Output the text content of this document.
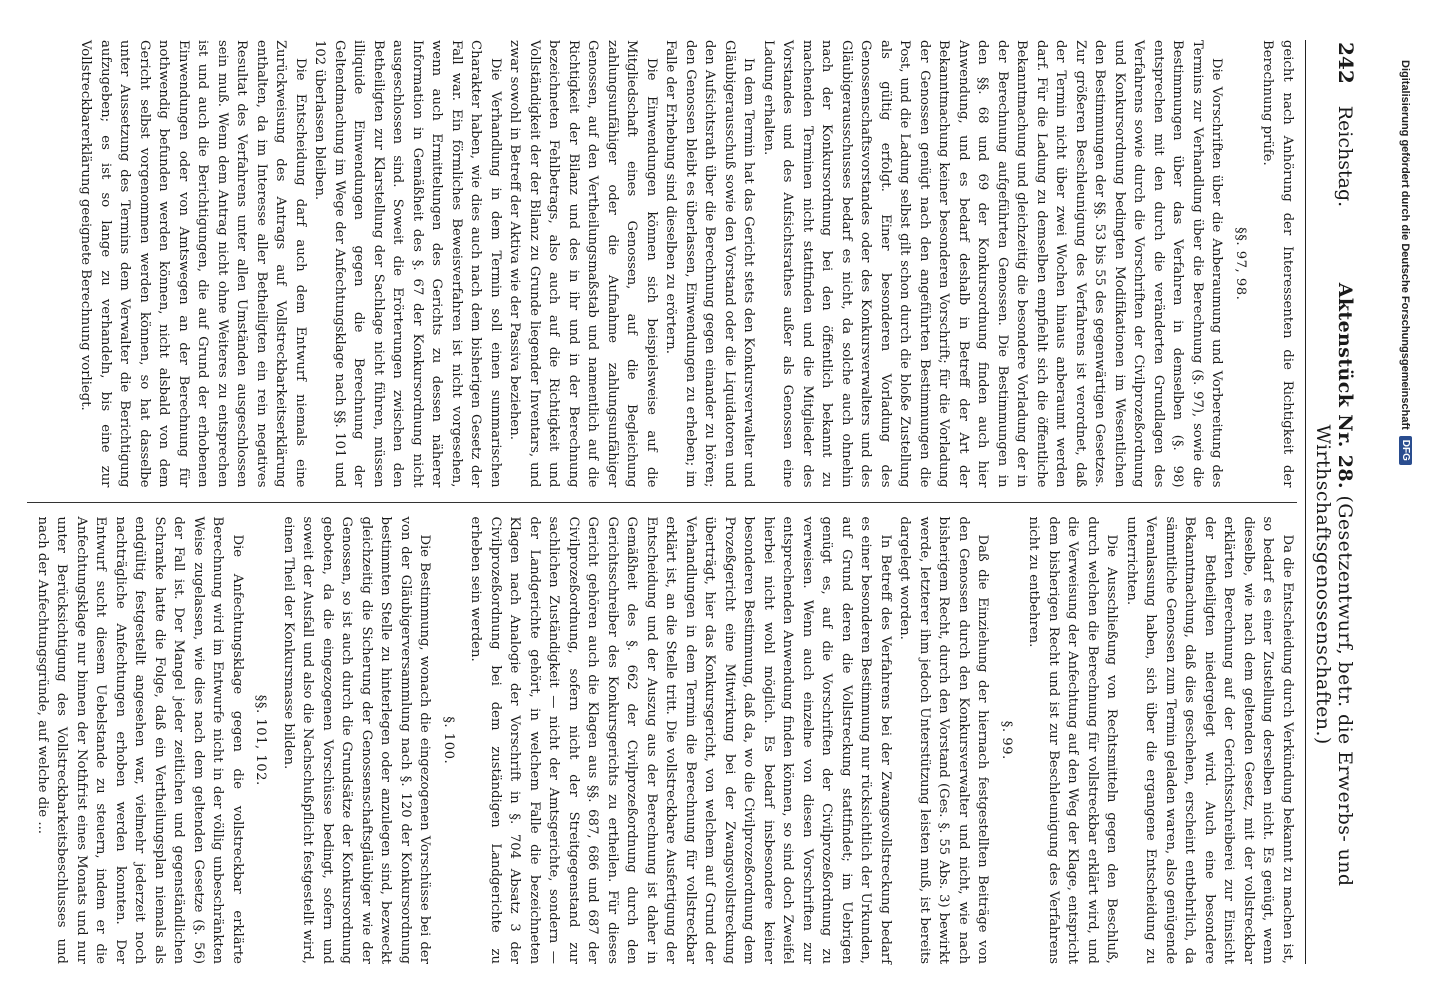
242
Reichstag.
Aktenstück Nr. 28. (Gesetzentwurf, betr. die Erwerbs- und Wirthschaftsgenossenschaften.)

geicht nach Anhörung der Interessenten die Richtigkeit der Berechnung prüfe.

§§. 97, 98.

Die Vorschriften über die Anberaumung und Vorbereitung des Termins zur Verhandlung über die Berechnung (§. 97), sowie die Bestimmungen über das Verfahren in demselben (§. 98) entsprechen mit den durch die veränderten Grundlagen des Verfahrens sowie durch die Vorschriften der Civilprozeßordnung und Konkursordnung bedingten Modifikationen im Wesentlichen den Bestimmungen der §§. 53 bis 55 des gegenwärtigen Gesetzes. Zur größeren Beschleunigung des Verfahrens ist verordnet, daß der Termin nicht über zwei Wochen hinaus anberaumt werden darf. Für die Ladung zu demselben empfiehlt sich die öffentliche Bekanntmachung und gleichzeitig die besondere Vorladung der in der Berechnung aufgeführten Genossen. Die Bestimmungen in den §§. 68 und 69 der Konkursordnung finden auch hier Anwendung, und es bedarf deshalb in Betreff der Art der Bekanntmachung keiner besonderen Vorschrift; für die Vorladung der Genossen genügt nach den angeführten Bestimmungen die Post, und die Ladung selbst gilt schon durch die bloße Zustellung als gültig erfolgt. Einer besonderen Vorladung des Genossenschaftsvorstandes oder des Konkursverwalters und des Gläubigerausschusses bedarf es nicht, da solche auch ohnehin nach der Konkursordnung bei den öffentlich bekannt zu machenden Terminen nicht stattfinden und die Mitglieder des Vorstandes und des Aufsichtsrathes außer als Genossen eine Ladung erhalten.

In dem Termin hat das Gericht stets den Konkursverwalter und Gläubigerausschuß sowie den Vorstand oder die Liquidatoren und den Aufsichtsrath über die Berechnung gegen einander zu hören; den Genossen bleibt es überlassen, Einwendungen zu erheben; im Falle der Erhebung sind dieselben zu erörtern.

Die Einwendungen können sich beispielsweise auf die Mitgliedschaft eines Genossen, auf die Begleichung zahlungsunfähiger oder die Aufnahme zahlungsunfähiger Genossen, auf den Vertheilungsmaßstab und namentlich auf die Richtigkeit der Bilanz und des in ihr und in der Berechnung bezeichneten Fehlbetrags, also auch auf die Richtigkeit und Vollständigkeit der der Bilanz zu Grunde liegender Inventars, und zwar sowohl in Betreff der Aktiva wie der Passiva beziehen.

Die Verhandlung in dem Termin soll einen summarischen Charakter haben, wie dies auch nach dem bisherigen Gesetz der Fall war. Ein förmliches Beweisverfahren ist nicht vorgesehen, wenn auch Ermittelungen des Gerichts zu dessen näherer Information in Gemäßheit des §. 67 der Konkursordnung nicht ausgeschlossen sind. Soweit die Erörterungen zwischen den Betheiligten zur Klarstellung der Sachlage nicht führen, müssen illiquide Einwendungen gegen die Berechnung der Geltendmachung im Wege der Anfechtungsklage nach §§. 101 und 102 überlassen bleiben.

Die Entscheidung darf auch dem Entwurf niemals eine Zurückweisung des Antrags auf Vollstreckbarkeitserklärung enthalten, da im Interesse aller Betheiligten ein rein negatives Resultat des Verfahrens unter allen Umständen ausgeschlossen sein muß. Wenn dem Antrag nicht ohne Weiteres zu entsprechen ist und auch die Berichtigungen, die auf Grund der erhobenen Einwendungen oder von Amtswegen an der Berechnung für nothwendig befunden werden können, nicht alsbald von dem Gericht selbst vorgenommen werden können, so hat dasselbe unter Aussetzung des Termins dem Verwalter die Berichtigung aufzugeben; es ist so lange zu verhandeln, bis eine zur Vollstreckbarerklärung geeignete Berechnung vorliegt.

Da die Entscheidung durch Verkündung bekannt zu machen ist, so bedarf es einer Zustellung derselben nicht. Es genügt, wenn dieselbe, wie nach dem geltenden Gesetz, mit der vollstreckbar erklärten Berechnung auf der Gerichtsschreiberei zur Einsicht der Betheiligten niedergelegt wird. Auch eine besondere Bekanntmachung, daß dies geschehen, erscheint entbehrlich, da sämmtliche Genossen zum Termin geladen waren, also genügende Veranlassung haben, sich über die ergangene Entscheidung zu unterrichten.

Die Ausschließung von Rechtsmitteln gegen den Beschluß, durch welchen die Berechnung für vollstreckbar erklärt wird, und die Verweisung der Anfechtung auf den Weg der Klage, entspricht dem bisherigen Recht und ist zur Beschleunigung des Verfahrens nicht zu entbehren.

§. 99.

Daß die Einziehung der hiernach festgestellten Beiträge von den Genossen durch den Konkursverwalter und nicht, wie nach bisherigem Recht, durch den Vorstand (Ges. §. 55 Abs. 3) bewirkt werde, letzterer ihm jedoch Unterstützung leisten muß, ist bereits dargelegt worden.

In Betreff des Verfahrens bei der Zwangsvollstreckung bedarf es einer besonderen Bestimmung nur rücksichtlich der Urkunden, auf Grund deren die Vollstreckung stattfindet; im Uebrigen genügt es, auf die Vorschriften der Civilprozeßordnung zu verweisen. Wenn auch einzelne von diesen Vorschriften zur entsprechenden Anwendung finden können, so sind doch Zweifel hierbei nicht wohl möglich. Es bedarf insbesondere keiner besonderen Bestimmung, daß da, wo die Civilprozeßordnung dem Prozeßgericht eine Mitwirkung bei der Zwangsvollstreckung überträgt, hier das Konkursgericht, von welchem auf Grund der Verhandlungen in dem Termin die Berechnung für vollstreckbar erklärt ist, an die Stelle tritt. Die vollstreckbare Ausfertigung der Entscheidung und der Auszug aus der Berechnung ist daher in Gemäßheit des §. 662 der Civilprozeßordnung durch den Gerichtsschreiber des Konkursgerichts zu ertheilen. Für dieses Gericht gehören auch die Klagen aus §§. 687, 686 und 687 der Civilprozeßordnung, sofern nicht der Streitgegenstand zur sachlichen Zuständigkeit — nicht der Amtsgerichte, sondern — der Landgerichte gehört, in welchem Falle die bezeichneten Klagen nach Analogie der Vorschrift in §. 704 Absatz 3 der Civilprozeßordnung bei dem zuständigen Landgerichte zu erheben sein werden.

§. 100.

Die Bestimmung, wonach die eingezogenen Vorschüsse bei der von der Gläubigerversammlung nach §. 120 der Konkursordnung bestimmten Stelle zu hinterlegen oder anzulegen sind, bezweckt gleichzeitig die Sicherung der Genossenschaftsgläubiger wie der Genossen, so ist auch durch die Grundsätze der Konkursordnung geboten, da die eingezogenen Vorschüsse bedingt, sofern und soweit der Ausfall und also die Nachschußpflicht festgestellt wird, einen Theil der Konkursmasse bilden.

§§. 101, 102.

Die Anfechtungsklage gegen die vollstreckbar erklärte Berechnung wird im Entwurfe nicht in der völlig unbeschränkten Weise zugelassen, wie dies nach dem geltenden Gesetze (§. 56) der Fall ist. Der Mangel jeder zeitlichen und gegenständlichen Schranke hatte die Folge, daß ein Vertheilungsplan niemals als endgültig festgestellt angesehen war, vielmehr jederzeit noch nachträgliche Anfechtungen erhoben werden konnten. Der Entwurf sucht diesem Uebelstande zu steuern, indem er die Anfechtungsklage nur binnen der Nothfrist eines Monats und nur unter Berücksichtigung des Vollstreckbarkeitsbeschlusses und nach der Anfechtungsgründe, auf welche die ...

Digitalisierung gefördert durch die Deutsche Forschungsgemeinschaft
DFG
